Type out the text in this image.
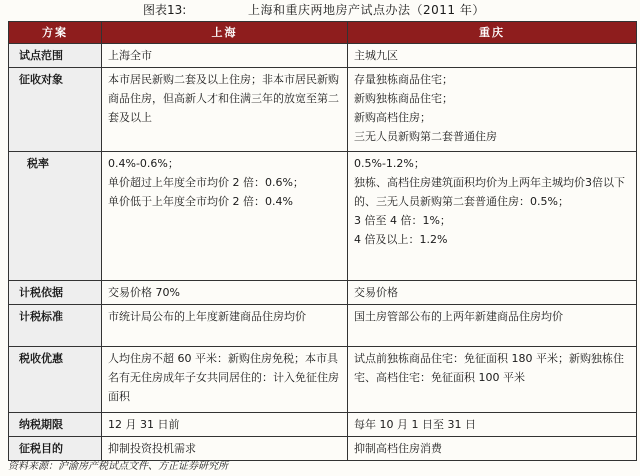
图表13:	上海和重庆两地房产试点办法（2011 年）
方案	上海	重庆
试点范围	上海全市	主城九区

征收对象	本市居民新购二套及以上住房；非本市居民新购商品住房，但高新人才和住满三年的放宽至第二套及以上	存量独栋商品住宅；
新购独栋商品住宅；
新购高档住房；
三无人员新购第二套普通住房

税率	0.4%-0.6%；
单价超过上年度全市均价 2 倍：0.6%；
单价低于上年度全市均价 2 倍：0.4%	0.5%-1.2%；
独栋、高档住房建筑面积均价为上两年主城均价3倍以下的、三无人员新购第二套普通住房：0.5%；
3 倍至 4 倍：1%；
4 倍及以上：1.2%

计税依据	交易价格 70%	交易价格

计税标准	市统计局公布的上年度新建商品住房均价	国土房管部公布的上两年新建商品住房均价
税收优惠	人均住房不超 60 平米：新购住房免税；本市具名有无住房成年子女共同居住的：计入免征住房面积	试点前独栋商品住宅：免征面积 180 平米；新购独栋住宅、高档住宅：免征面积 100 平米
纳税期限	12 月 31 日前	每年 10 月 1 日至 31 日

征税目的	抑制投资投机需求	抑制高档住房消费
资料来源：沪渝房产税试点文件、方正证券研究所
